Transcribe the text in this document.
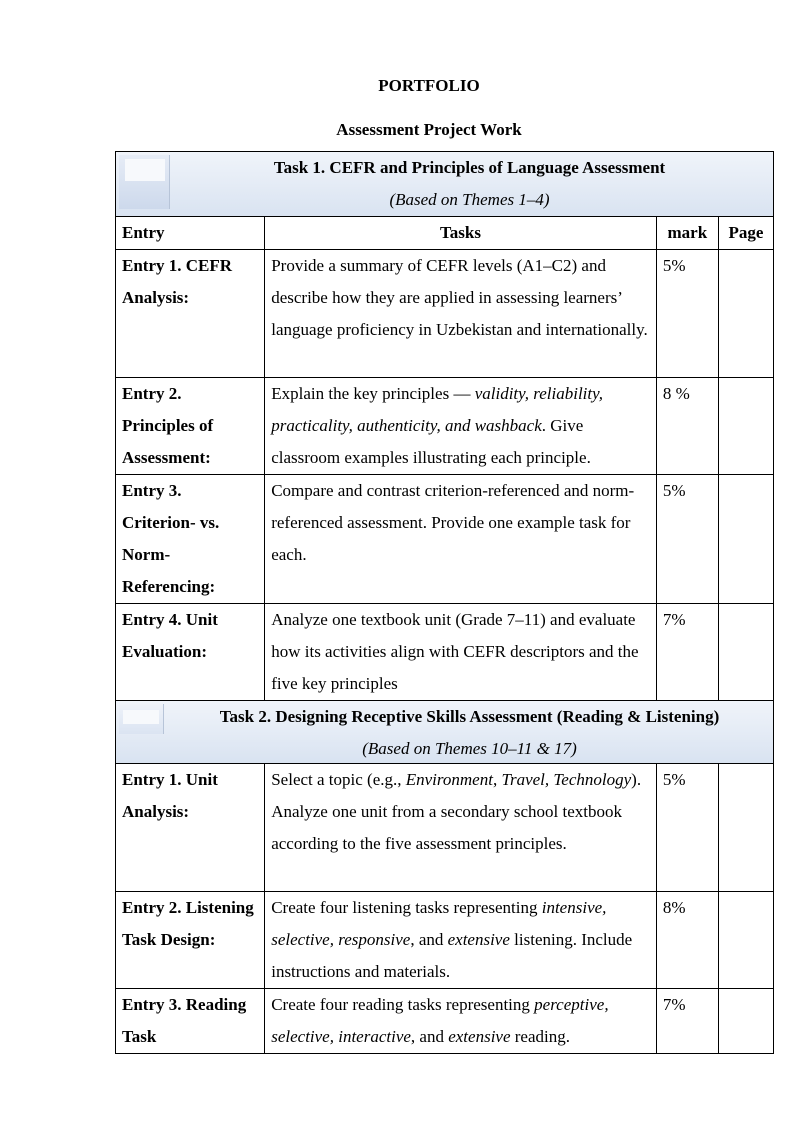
PORTFOLIO
Assessment Project Work
Task 1. CEFR and Principles of Language Assessment
(Based on Themes 1–4)			

Entry	Tasks	mark	Page
Entry 1. CEFR Analysis:	Provide a summary of CEFR levels (A1–C2) and describe how they are applied in assessing learners’ language proficiency in Uzbekistan and internationally.	5%	
Entry 2. Principles of Assessment:	Explain the key principles — validity, reliability, practicality, authenticity, and washback. Give classroom examples illustrating each principle.	8 %	
Entry 3. Criterion- vs. Norm-Referencing:	Compare and contrast criterion-referenced and norm-referenced assessment. Provide one example task for each.	5%	
Entry 4. Unit Evaluation:	Analyze one textbook unit (Grade 7–11) and evaluate how its activities align with CEFR descriptors and the five key principles	7%	

Task 2. Designing Receptive Skills Assessment (Reading & Listening)
(Based on Themes 10–11 & 17)			

Entry 1. Unit Analysis:	Select a topic (e.g., Environment, Travel, Technology). Analyze one unit from a secondary school textbook according to the five assessment principles.	5%	
Entry 2. Listening Task Design:	Create four listening tasks representing intensive, selective, responsive, and extensive listening. Include instructions and materials.	8%	
Entry 3. Reading Task	Create four reading tasks representing perceptive, selective, interactive, and extensive reading.	7%	
